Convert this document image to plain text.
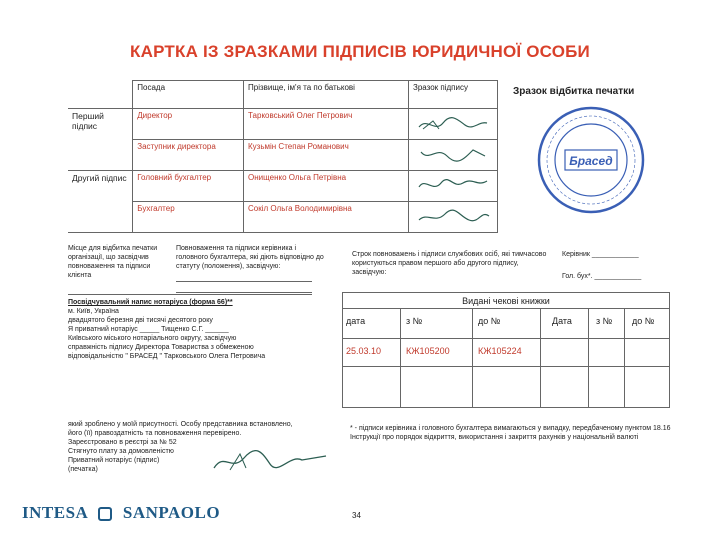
КАРТКА ІЗ ЗРАЗКАМИ ПІДПИСІВ ЮРИДИЧНОЇ ОСОБИ
	Посада	Прізвище, ім'я та по батькові	Зразок підпису
Перший підпис	Директор	Тарковський Олег Петрович	
	Заступник директора	Кузьмін Степан Романович	
Другий підпис	Головний бухгалтер	Онищенко Ольга Петрівна	
	Бухгалтер	Сокіл Ольга Володимирівна	
Зразок відбитка печатки
Брасед
Місце для відбитка печатки організації, що засвідчив повноваження та підписи клієнта
Повноваження та підписи керівника і головного бухгалтера, які діють відповідно до статуту (положення), засвідчую:
Строк повноважень і підписи службових осіб, які тимчасово користуються правом першого або другого підпису, засвідчую:
Керівник ____________
Гол. бух*. ____________
Посвідчувальний напис нотаріуса (форма 66)**
м. Київ, Україна
двадцятого березня дві тисячі десятого року
Я приватний нотаріус _____ Тищенко С.Г. ______
Київського міського нотаріального округу, засвідчую
справжність підпису Директора Товариства з обмеженою
відповідальністю " БРАСЕД " Тарковського Олега Петровича
який зроблено у моїй присутності. Особу представника встановлено,
його (її) правоздатність та повноваження перевірено.
Зареєстровано в реєстрі за № 52
Стягнуто плату за домовленістю
Приватний нотаріус (підпис)
(печатка)
Видані чекові книжки
дата	з №	до №	Дата	з № до №
25.03.10	КЖ105200	КЖ105224
* - підписи керівника і головного бухгалтера вимагаються у випадку, передбаченому пунктом 18.16 Інструкції про порядок відкриття, використання і закриття рахунків у національній валюті
INTESA SANPAOLO	34
